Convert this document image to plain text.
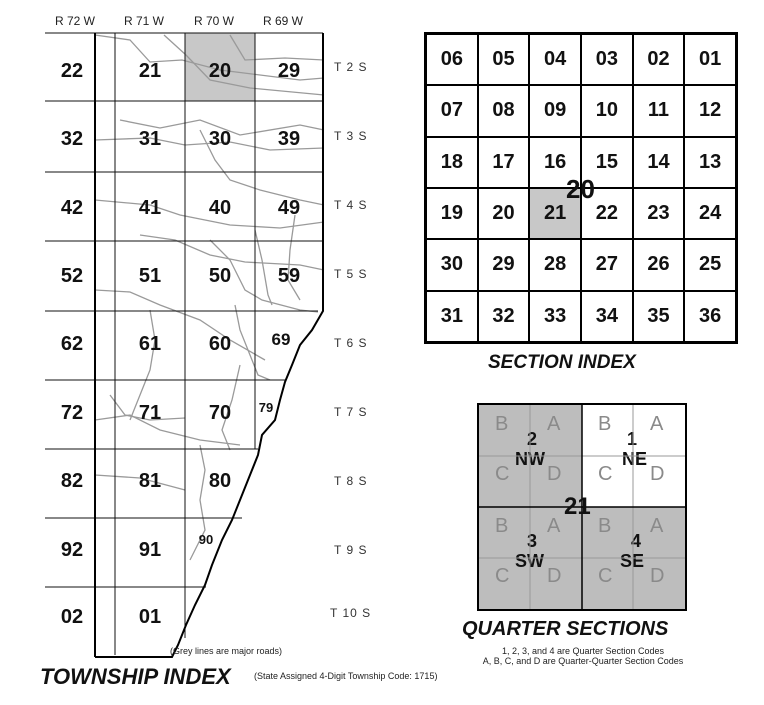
R 72 W R 71 W R 70 W R 69 W
T 2 S
T 3 S
T 4 S
T 5 S
T 6 S
T 7 S
T 8 S
T 9 S
T 10 S
22	21	20	29
32	31	30	39
42	41	40	49
52	51	50	59
62	61	60	69
72	71	70	79
82	81	80
92	91	90
02	01
(Grey lines are major roads)
TOWNSHIP INDEX	(State Assigned 4-Digit Township Code: 1715)
06	05	04	03	02	01
07	08	09	10	11	12
18	17	16	15	14	13
19	20	21	22	23	24
30	29	28	27	26	25
31	32	33	34	35	36
20
SECTION INDEX
B A
C D
2
NW
B A
C D
1
NE
B A
C D
3
SW
B A
C D
4
SE
21
QUARTER SECTIONS
1, 2, 3, and 4 are Quarter Section Codes
A, B, C, and D are Quarter-Quarter Section Codes
